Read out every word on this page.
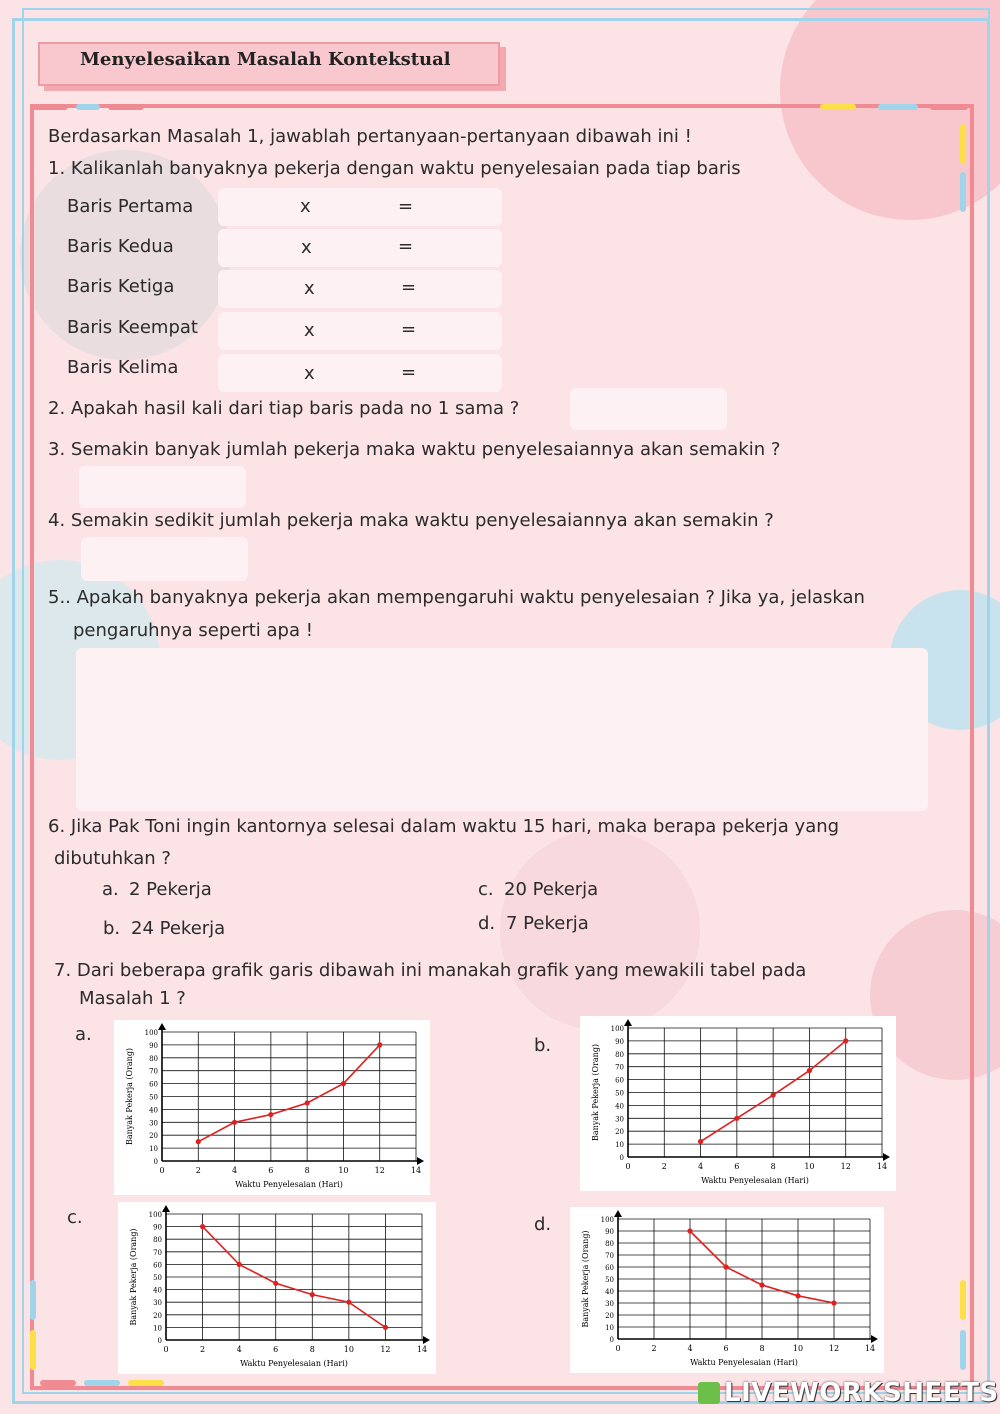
Menyelesaikan Masalah Kontekstual
Berdasarkan Masalah 1, jawablah pertanyaan-pertanyaan dibawah ini !
1. Kalikanlah banyaknya pekerja dengan waktu penyelesaian pada tiap baris
Baris Pertama	x	=
Baris Kedua	x	=
Baris Ketiga	x	=
Baris Keempat	x	=
Baris Kelima	x	=
2. Apakah hasil kali dari tiap baris pada no 1 sama ?
3. Semakin banyak jumlah pekerja maka waktu penyelesaiannya akan semakin ?
4. Semakin sedikit jumlah pekerja maka waktu penyelesaiannya akan semakin ?
5.. Apakah banyaknya pekerja akan mempengaruhi waktu penyelesaian ? Jika ya, jelaskan
pengaruhnya seperti apa !
6. Jika Pak Toni ingin kantornya selesai dalam waktu 15 hari, maka berapa pekerja yang
dibutuhkan ?
a. 2 Pekerja
b. 24 Pekerja
c. 20 Pekerja
d. 7 Pekerja
7. Dari beberapa grafik garis dibawah ini manakah grafik yang mewakili tabel pada
Masalah 1 ?
a.
b.
c.	d.
0	2	4	6	8	10	12	14
0
10
20
30
40
50
60
70
80
90
100
Waktu Penyelesaian (Hari)
Banyak Pekerja (Orang)
0	2	4	6	8	10	12	14
0
10
20
30
40
50
60
70
80
90
100
Waktu Penyelesaian (Hari)
Banyak Pekerja (Orang)
0	2	4	6	8	10	12	14
0
10
20
30
40
50
60
70
80
90
100
Waktu Penyelesaian (Hari)
Banyak Pekerja (Orang)
0	2	4	6	8	10	12	14
0
10
20
30
40
50
60
70
80
90
100
Waktu Penyelesaian (Hari)
Banyak Pekerja (Orang)
LIVEWORKSHEETS
